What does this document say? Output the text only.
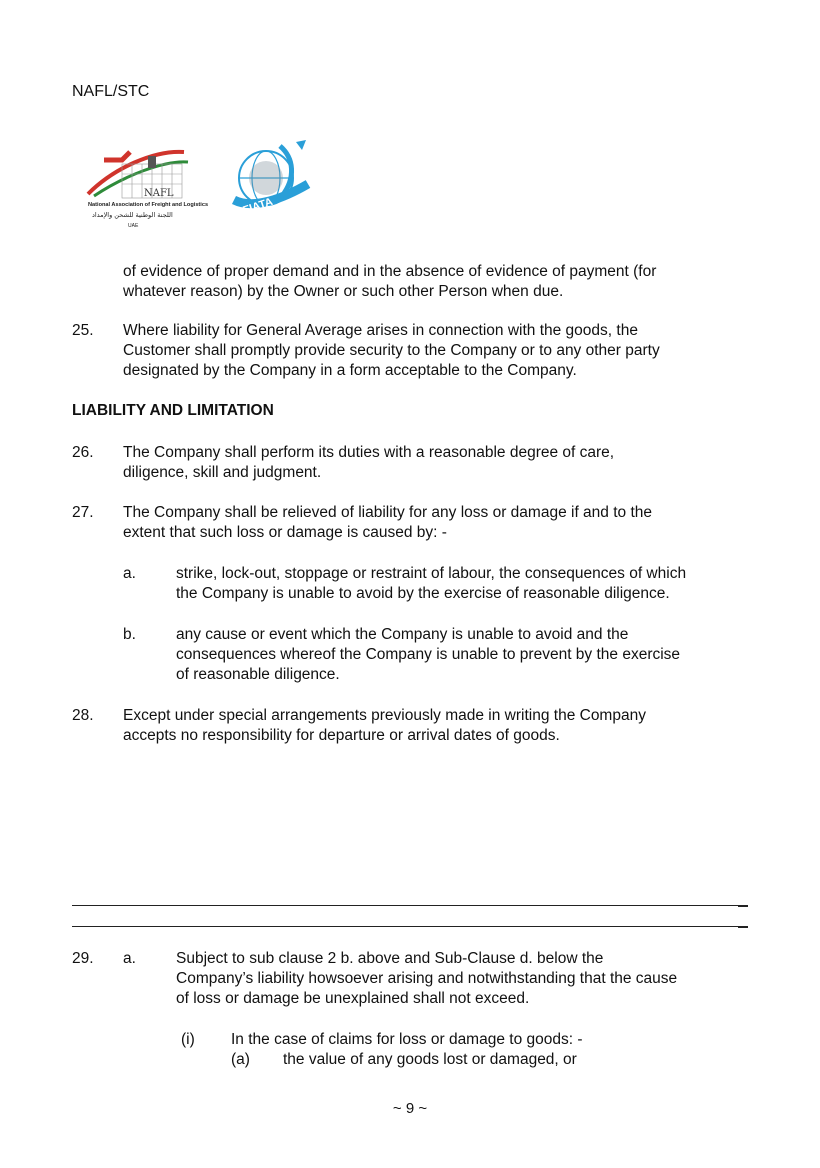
NAFL/STC
NAFL
National Association of Freight and Logistics
اللجنة الوطنية للشحن والإمداد
UAE
FIATA
of evidence of proper demand and in the absence of evidence of payment (for
whatever reason) by the Owner or such other Person when due.
25. Where liability for General Average arises in connection with the goods, the
Customer shall promptly provide security to the Company or to any other party
designated by the Company in a form acceptable to the Company.
LIABILITY AND LIMITATION
26. The Company shall perform its duties with a reasonable degree of care,
diligence, skill and judgment.
27. The Company shall be relieved of liability for any loss or damage if and to the
extent that such loss or damage is caused by: -
a.	strike, lock-out, stoppage or restraint of labour, the consequences of which
the Company is unable to avoid by the exercise of reasonable diligence.
b.	any cause or event which the Company is unable to avoid and the
consequences whereof the Company is unable to prevent by the exercise
of reasonable diligence.
28. Except under special arrangements previously made in writing the Company
accepts no responsibility for departure or arrival dates of goods.
29. a.	Subject to sub clause 2 b. above and Sub-Clause d. below the
Company’s liability howsoever arising and notwithstanding that the cause
of loss or damage be unexplained shall not exceed.
(i) In the case of claims for loss or damage to goods: -
(a) the value of any goods lost or damaged, or
~ 9 ~
